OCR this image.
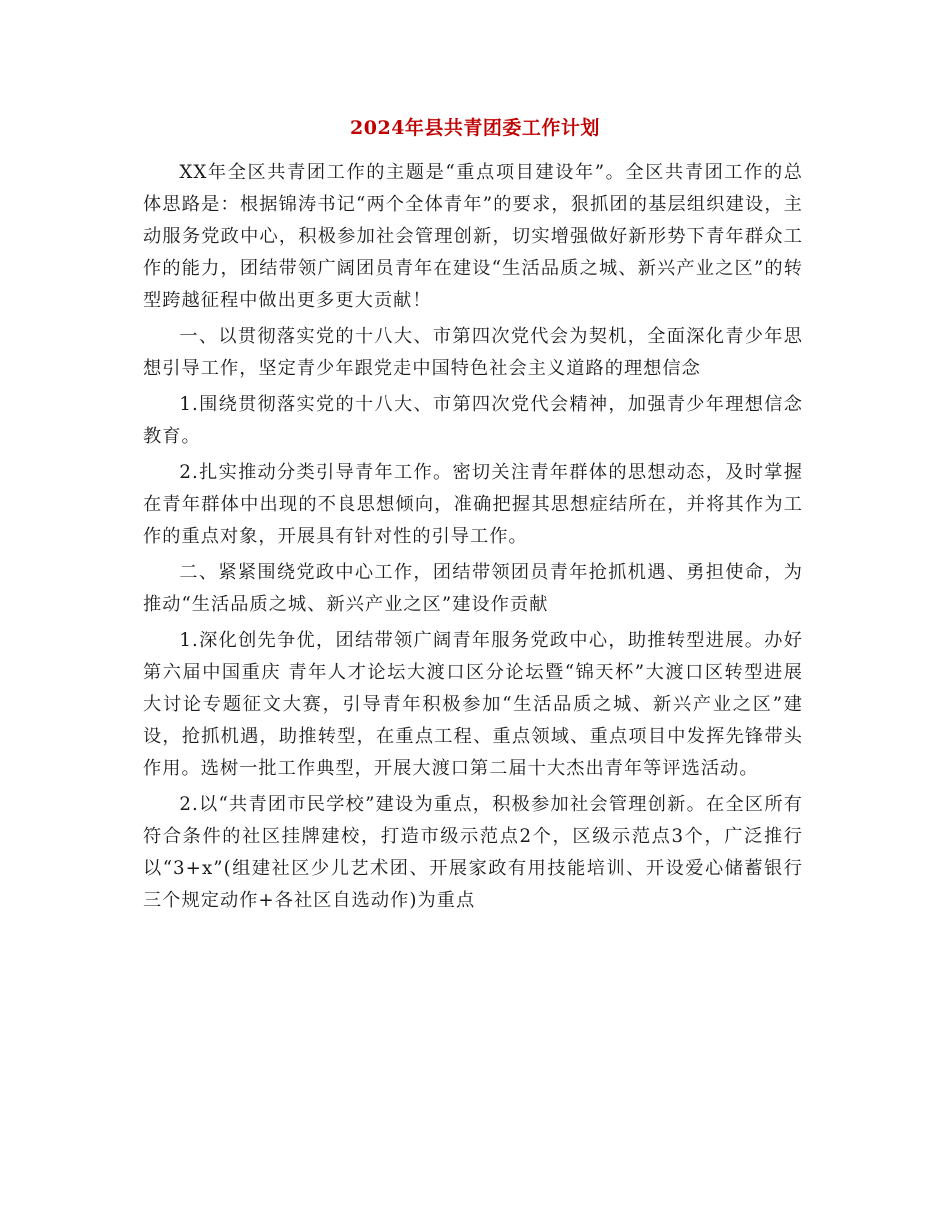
2024年县共青团委工作计划

XX年全区共青团工作的主题是“重点项目建设年”。全区共青团工作的总体思路是：根据锦涛书记“两个全体青年”的要求，狠抓团的基层组织建设，主动服务党政中心，积极参加社会管理创新，切实增强做好新形势下青年群众工作的能力，团结带领广阔团员青年在建设“生活品质之城、新兴产业之区”的转型跨越征程中做出更多更大贡献！

一、以贯彻落实党的十八大、市第四次党代会为契机，全面深化青少年思想引导工作，坚定青少年跟党走中国特色社会主义道路的理想信念

1.围绕贯彻落实党的十八大、市第四次党代会精神，加强青少年理想信念教育。

2.扎实推动分类引导青年工作。密切关注青年群体的思想动态，及时掌握在青年群体中出现的不良思想倾向，准确把握其思想症结所在，并将其作为工作的重点对象，开展具有针对性的引导工作。

二、紧紧围绕党政中心工作，团结带领团员青年抢抓机遇、勇担使命，为推动“生活品质之城、新兴产业之区”建设作贡献

1.深化创先争优，团结带领广阔青年服务党政中心，助推转型进展。办好第六届中国重庆 青年人才论坛大渡口区分论坛暨“锦天杯”大渡口区转型进展大讨论专题征文大赛，引导青年积极参加“生活品质之城、新兴产业之区”建设，抢抓机遇，助推转型，在重点工程、重点领域、重点项目中发挥先锋带头作用。选树一批工作典型，开展大渡口第二届十大杰出青年等评选活动。

2.以“共青团市民学校”建设为重点，积极参加社会管理创新。在全区所有符合条件的社区挂牌建校，打造市级示范点2个，区级示范点3个，广泛推行以“3+x”(组建社区少儿艺术团、开展家政有用技能培训、开设爱心储蓄银行三个规定动作+各社区自选动作)为重点
